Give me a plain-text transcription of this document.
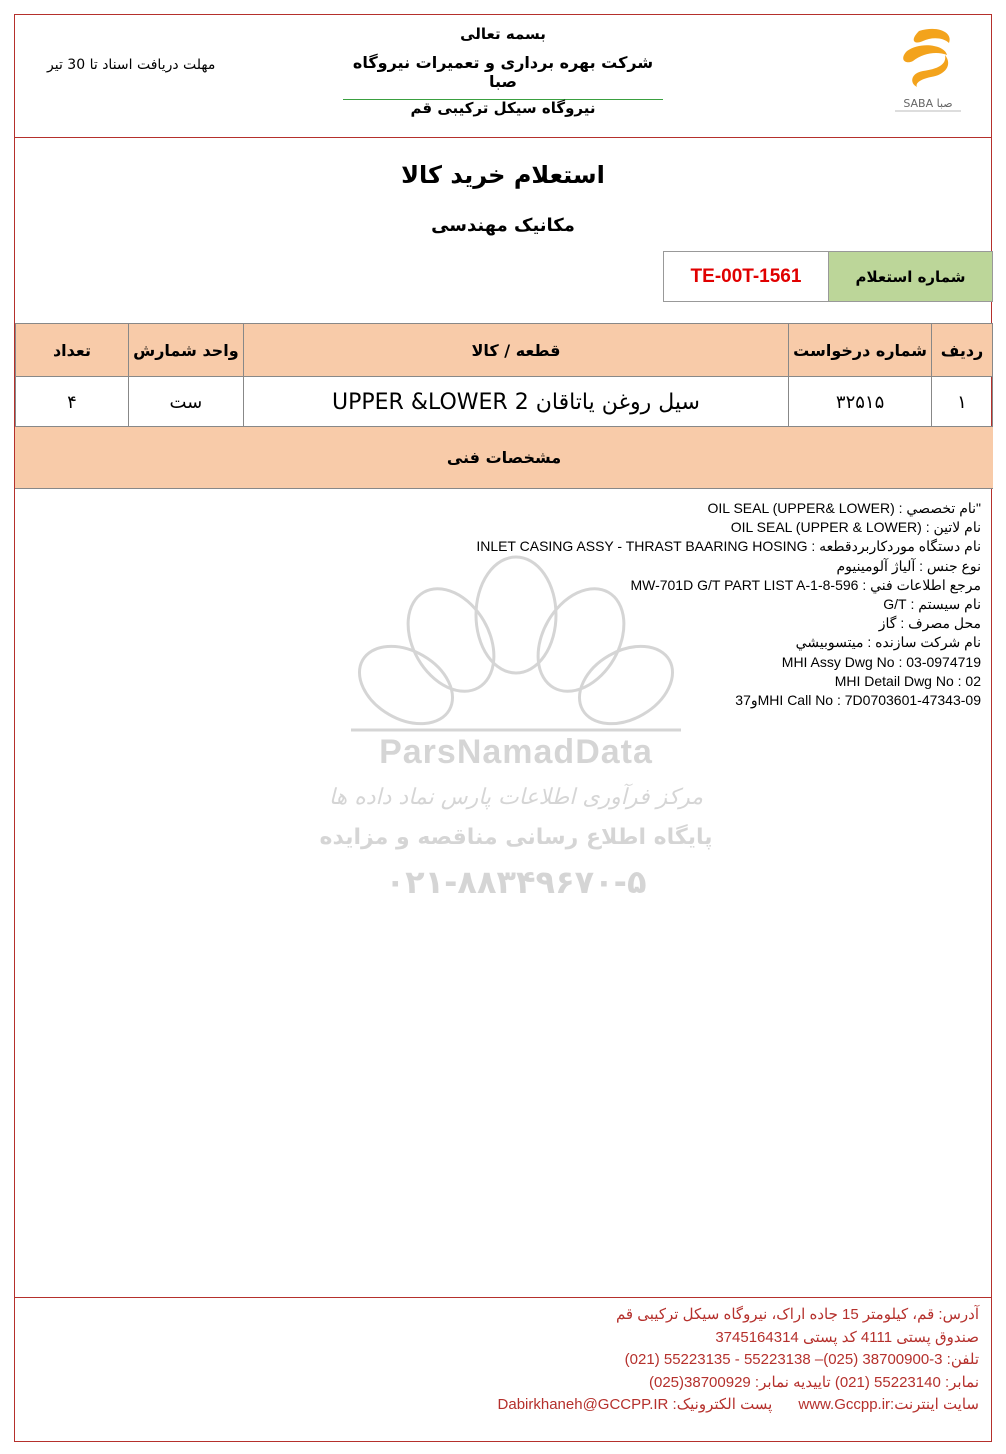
SABA صبا
بسمه تعالی
شرکت بهره برداری و تعمیرات نیروگاه صبا
نیروگاه سیکل ترکیبی قم
مهلت دریافت اسناد تا 30 تیر
استعلام خرید کالا
مکانیک مهندسی
TE-00T-1561	شماره استعلام
ردیف	شماره درخواست	قطعه / کالا	واحد شمارش	تعداد
۱	۳۲۵۱۵	سیل روغن یاتاقان 2 UPPER &LOWER	ست	۴
مشخصات فنی
ParsNamadData
مرکز فرآوری اطلاعات پارس نماد داده ها
پایگاه اطلاع رسانی مناقصه و مزایده
۰۲۱-۸۸۳۴۹۶۷۰-۵
"نام تخصصي : (OIL SEAL (UPPER& LOWER
نام لاتين : (OIL SEAL (UPPER & LOWER
نام دستگاه موردكاربردقطعه : INLET CASING ASSY - THRAST BAARING HOSING
نوع جنس : آلياژ آلومينيوم
مرجع اطلاعات فني : MW-701D G/T PART LIST A-1-8-596
نام سيستم : G/T
محل مصرف : گاز
نام شركت سازنده : ميتسوبيشي
MHI Assy Dwg No : 03-0974719
MHI Detail Dwg No : 02
MHI Call No : 7D0703601-47343-09و37
آدرس: قم، کیلومتر 15 جاده اراک، نیروگاه سیکل ترکیبی قم
صندوق پستی 4111 کد پستی 3745164314
تلفن: 3-38700900 (025)– 55223138 - 55223135 (021)
نمابر: 55223140 (021) تاییدیه نمابر: 38700929(025)
سایت اینترنت:www.Gccpp.irپست الکترونیک: Dabirkhaneh@GCCPP.IR
